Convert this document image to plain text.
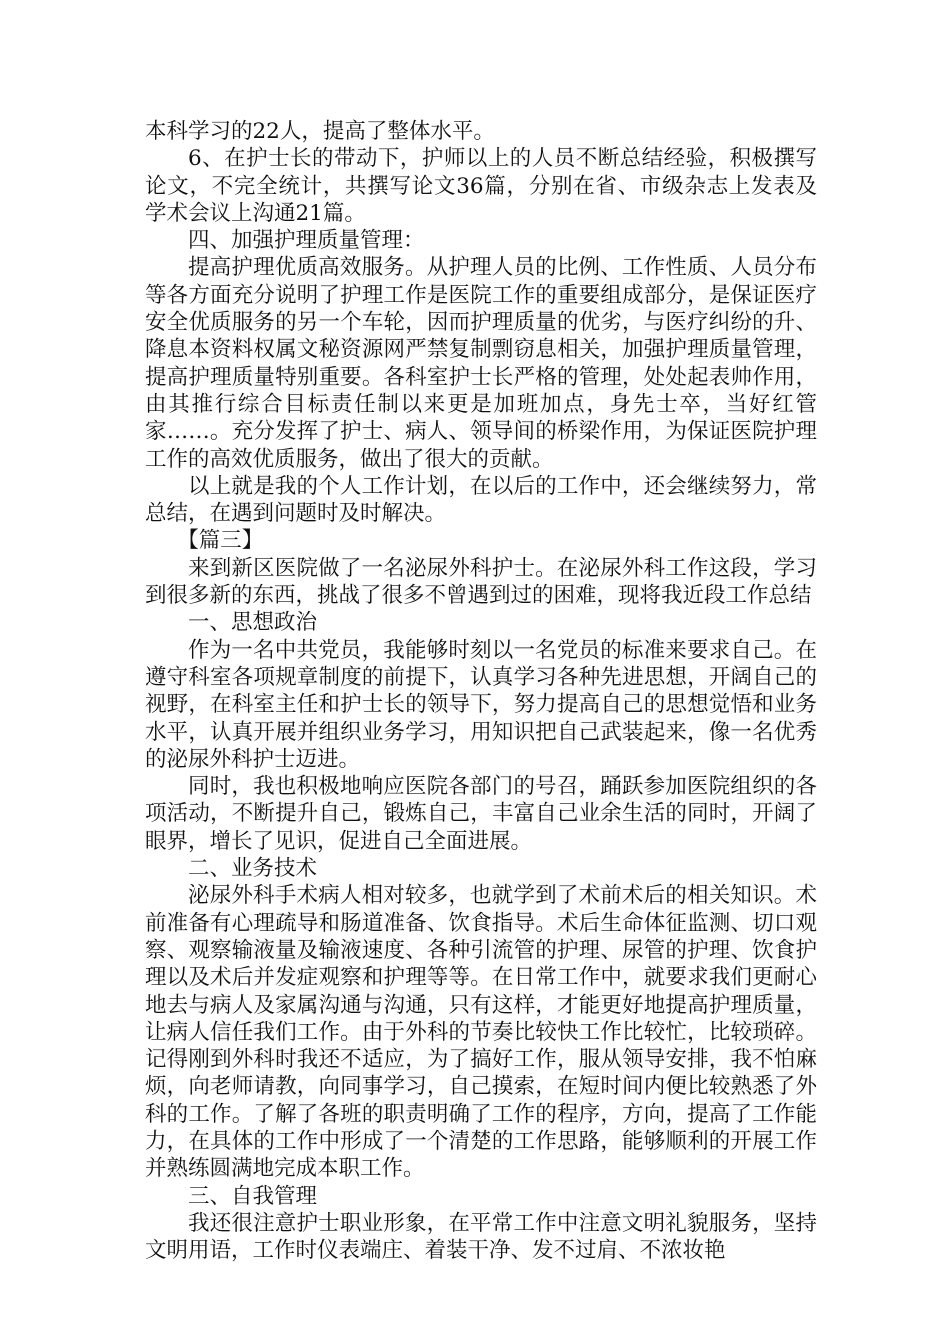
本科学习的22人，提高了整体水平。

6、在护士长的带动下，护师以上的人员不断总结经验，积极撰写论文，不完全统计，共撰写论文36篇，分别在省、市级杂志上发表及学术会议上沟通21篇。

四、加强护理质量管理：

提高护理优质高效服务。从护理人员的比例、工作性质、人员分布等各方面充分说明了护理工作是医院工作的重要组成部分，是保证医疗安全优质服务的另一个车轮，因而护理质量的优劣，与医疗纠纷的升、降息本资料权属文秘资源网严禁复制剽窃息相关，加强护理质量管理，提高护理质量特别重要。各科室护士长严格的管理，处处起表帅作用，由其推行综合目标责任制以来更是加班加点，身先士卒，当好红管家……。充分发挥了护士、病人、领导间的桥梁作用，为保证医院护理工作的高效优质服务，做出了很大的贡献。

以上就是我的个人工作计划，在以后的工作中，还会继续努力，常总结，在遇到问题时及时解决。

【篇三】

来到新区医院做了一名泌尿外科护士。在泌尿外科工作这段，学习到很多新的东西，挑战了很多不曾遇到过的困难，现将我近段工作总结

一、思想政治

作为一名中共党员，我能够时刻以一名党员的标准来要求自己。在遵守科室各项规章制度的前提下，认真学习各种先进思想，开阔自己的视野，在科室主任和护士长的领导下，努力提高自己的思想觉悟和业务水平，认真开展并组织业务学习，用知识把自己武装起来，像一名优秀的泌尿外科护士迈进。

同时，我也积极地响应医院各部门的号召，踊跃参加医院组织的各项活动，不断提升自己，锻炼自己，丰富自己业余生活的同时，开阔了眼界，增长了见识，促进自己全面进展。

二、业务技术

泌尿外科手术病人相对较多，也就学到了术前术后的相关知识。术前准备有心理疏导和肠道准备、饮食指导。术后生命体征监测、切口观察、观察输液量及输液速度、各种引流管的护理、尿管的护理、饮食护理以及术后并发症观察和护理等等。在日常工作中，就要求我们更耐心地去与病人及家属沟通与沟通，只有这样，才能更好地提高护理质量，让病人信任我们工作。由于外科的节奏比较快工作比较忙，比较琐碎。记得刚到外科时我还不适应，为了搞好工作，服从领导安排，我不怕麻烦，向老师请教，向同事学习，自己摸索，在短时间内便比较熟悉了外科的工作。了解了各班的职责明确了工作的程序，方向，提高了工作能力，在具体的工作中形成了一个清楚的工作思路，能够顺利的开展工作并熟练圆满地完成本职工作。

三、自我管理

我还很注意护士职业形象，在平常工作中注意文明礼貌服务，坚持文明用语，工作时仪表端庄、着装干净、发不过肩、不浓妆艳
